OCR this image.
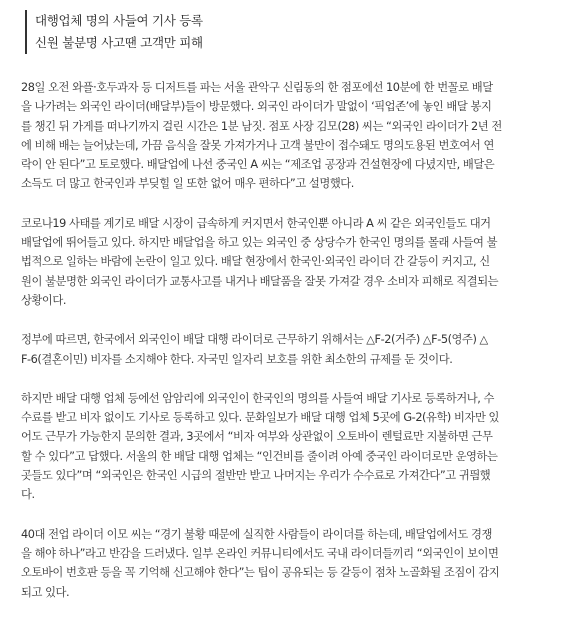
대행업체 명의 사들여 기사 등록
신원 불분명 사고땐 고객만 피해
28일 오전 와플·호두과자 등 디저트를 파는 서울 관악구 신림동의 한 점포에선 10분에 한 번꼴로 배달
을 나가려는 외국인 라이더(배달부)들이 방문했다. 외국인 라이더가 말없이 ‘픽업존’에 놓인 배달 봉지
를 챙긴 뒤 가게를 떠나기까지 걸린 시간은 1분 남짓. 점포 사장 김모(28) 씨는 “외국인 라이더가 2년 전
에 비해 배는 늘어났는데, 가끔 음식을 잘못 가져가거나 고객 불만이 접수돼도 명의도용된 번호여서 연
락이 안 된다”고 토로했다. 배달업에 나선 중국인 A 씨는 “제조업 공장과 건설현장에 다녔지만, 배달은
소득도 더 많고 한국인과 부딪힐 일 또한 없어 매우 편하다”고 설명했다.
코로나19 사태를 계기로 배달 시장이 급속하게 커지면서 한국인뿐 아니라 A 씨 같은 외국인들도 대거
배달업에 뛰어들고 있다. 하지만 배달업을 하고 있는 외국인 중 상당수가 한국인 명의를 몰래 사들여 불
법적으로 일하는 바람에 논란이 일고 있다. 배달 현장에서 한국인·외국인 라이더 간 갈등이 커지고, 신
원이 불분명한 외국인 라이더가 교통사고를 내거나 배달품을 잘못 가져갈 경우 소비자 피해로 직결되는
상황이다.
정부에 따르면, 한국에서 외국인이 배달 대행 라이더로 근무하기 위해서는 △F-2(거주) △F-5(영주) △
F-6(결혼이민) 비자를 소지해야 한다. 자국민 일자리 보호를 위한 최소한의 규제를 둔 것이다.
하지만 배달 대행 업체 등에선 암암리에 외국인이 한국인의 명의를 사들여 배달 기사로 등록하거나, 수
수료를 받고 비자 없이도 기사로 등록하고 있다. 문화일보가 배달 대행 업체 5곳에 G-2(유학) 비자만 있
어도 근무가 가능한지 문의한 결과, 3곳에서 “비자 여부와 상관없이 오토바이 렌털료만 지불하면 근무
할 수 있다”고 답했다. 서울의 한 배달 대행 업체는 “인건비를 줄이려 아예 중국인 라이더로만 운영하는
곳들도 있다”며 “외국인은 한국인 시급의 절반만 받고 나머지는 우리가 수수료로 가져간다”고 귀띔했
다.
40대 전업 라이더 이모 씨는 “경기 불황 때문에 실직한 사람들이 라이더를 하는데, 배달업에서도 경쟁
을 해야 하나”라고 반감을 드러냈다. 일부 온라인 커뮤니티에서도 국내 라이더들끼리 “외국인이 보이면
오토바이 번호판 등을 꼭 기억해 신고해야 한다”는 팁이 공유되는 등 갈등이 점차 노골화될 조짐이 감지
되고 있다.
